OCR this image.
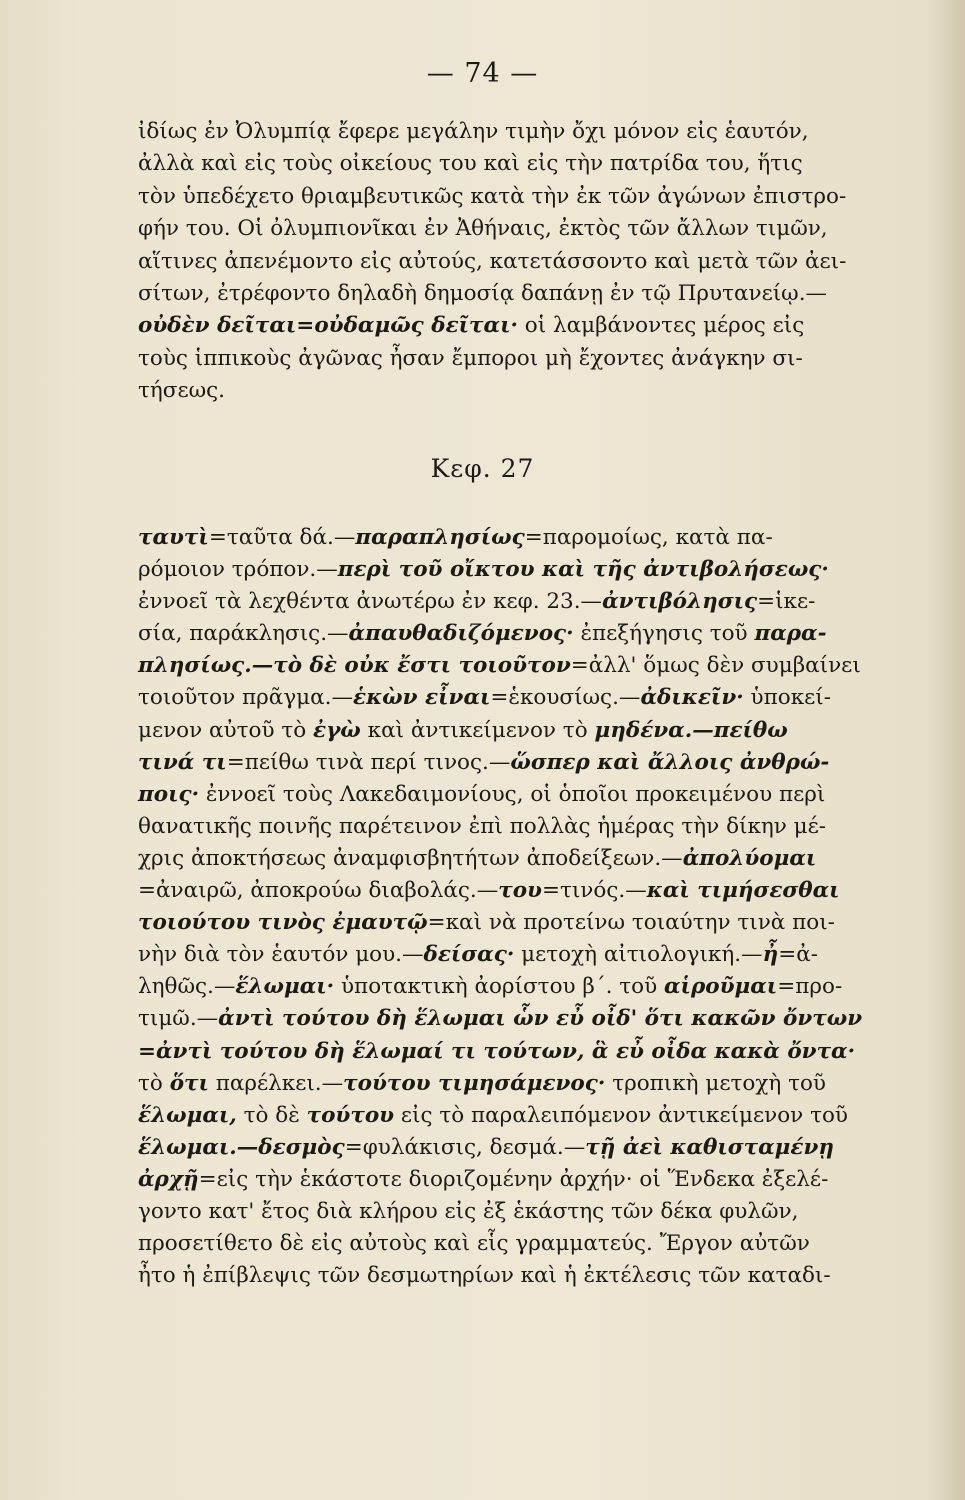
— 74 —
ἰδίως ἐν Ὀλυμπίᾳ ἔφερε μεγάλην τιμὴν ὄχι μόνον εἰς ἑαυτόν,
ἀλλὰ καὶ εἰς τοὺς οἰκείους του καὶ εἰς τὴν πατρίδα του, ἥτις
τὸν ὑπεδέχετο θριαμβευτικῶς κατὰ τὴν ἐκ τῶν ἀγώνων ἐπιστρο-
φήν του. Οἱ ὀλυμπιονῖκαι ἐν Ἀθήναις, ἐκτὸς τῶν ἄλλων τιμῶν,
αἵτινες ἀπενέμοντο εἰς αὐτούς, κατετάσσοντο καὶ μετὰ τῶν ἀει-
σίτων, ἐτρέφοντο δηλαδὴ δημοσίᾳ δαπάνῃ ἐν τῷ Πρυτανείῳ.—
οὐδὲν δεῖται=οὐδαμῶς δεῖται· οἱ λαμβάνοντες μέρος εἰς
τοὺς ἱππικοὺς ἀγῶνας ἦσαν ἔμποροι μὴ ἔχοντες ἀνάγκην σι-
τήσεως.
Κεφ. 27
ταυτὶ=ταῦτα δά.—παραπλησίως=παρομοίως, κατὰ πα-
ρόμοιον τρόπον.—περὶ τοῦ οἴκτου καὶ τῆς ἀντιβολήσεως·
ἐννοεῖ τὰ λεχθέντα ἀνωτέρω ἐν κεφ. 23.—ἀντιβόλησις=ἱκε-
σία, παράκλησις.—ἀπαυθαδιζόμενος· ἐπεξήγησις τοῦ παρα-
πλησίως.—τὸ δὲ οὐκ ἔστι τοιοῦτον=ἀλλ' ὅμως δὲν συμβαίνει
τοιοῦτον πρᾶγμα.—ἑκὼν εἶναι=ἑκουσίως.—ἀδικεῖν· ὑποκεί-
μενον αὐτοῦ τὸ ἐγὼ καὶ ἀντικείμενον τὸ μηδένα.—πείθω
τινά τι=πείθω τινὰ περί τινος.—ὥσπερ καὶ ἄλλοις ἀνθρώ-
ποις· ἐννοεῖ τοὺς Λακεδαιμονίους, οἱ ὁποῖοι προκειμένου περὶ
θανατικῆς ποινῆς παρέτεινον ἐπὶ πολλὰς ἡμέρας τὴν δίκην μέ-
χρις ἀποκτήσεως ἀναμφισβητήτων ἀποδείξεων.—ἀπολύομαι
=ἀναιρῶ, ἀποκρούω διαβολάς.—του=τινός.—καὶ τιμήσεσθαι
τοιούτου τινὸς ἐμαυτῷ=καὶ νὰ προτείνω τοιαύτην τινὰ ποι-
νὴν διὰ τὸν ἑαυτόν μου.—δείσας· μετοχὴ αἰτιολογική.—ἦ=ἀ-
ληθῶς.—ἕλωμαι· ὑποτακτικὴ ἀορίστου β΄. τοῦ αἱροῦμαι=προ-
τιμῶ.—ἀντὶ τούτου δὴ ἕλωμαι ὧν εὖ οἶδ' ὅτι κακῶν ὄντων
=ἀντὶ τούτου δὴ ἕλωμαί τι τούτων, ἃ εὖ οἶδα κακὰ ὄντα·
τὸ ὅτι παρέλκει.—τούτου τιμησάμενος· τροπικὴ μετοχὴ τοῦ
ἕλωμαι, τὸ δὲ τούτου εἰς τὸ παραλειπόμενον ἀντικείμενον τοῦ
ἕλωμαι.—δεσμὸς=φυλάκισις, δεσμά.—τῇ ἀεὶ καθισταμένῃ
ἀρχῇ=εἰς τὴν ἑκάστοτε διοριζομένην ἀρχήν· οἱ Ἕνδεκα ἐξελέ-
γοντο κατ' ἔτος διὰ κλήρου εἰς ἐξ ἑκάστης τῶν δέκα φυλῶν,
προσετίθετο δὲ εἰς αὐτοὺς καὶ εἷς γραμματεύς. Ἔργον αὐτῶν
ἦτο ἡ ἐπίβλεψις τῶν δεσμωτηρίων καὶ ἡ ἐκτέλεσις τῶν καταδι-
